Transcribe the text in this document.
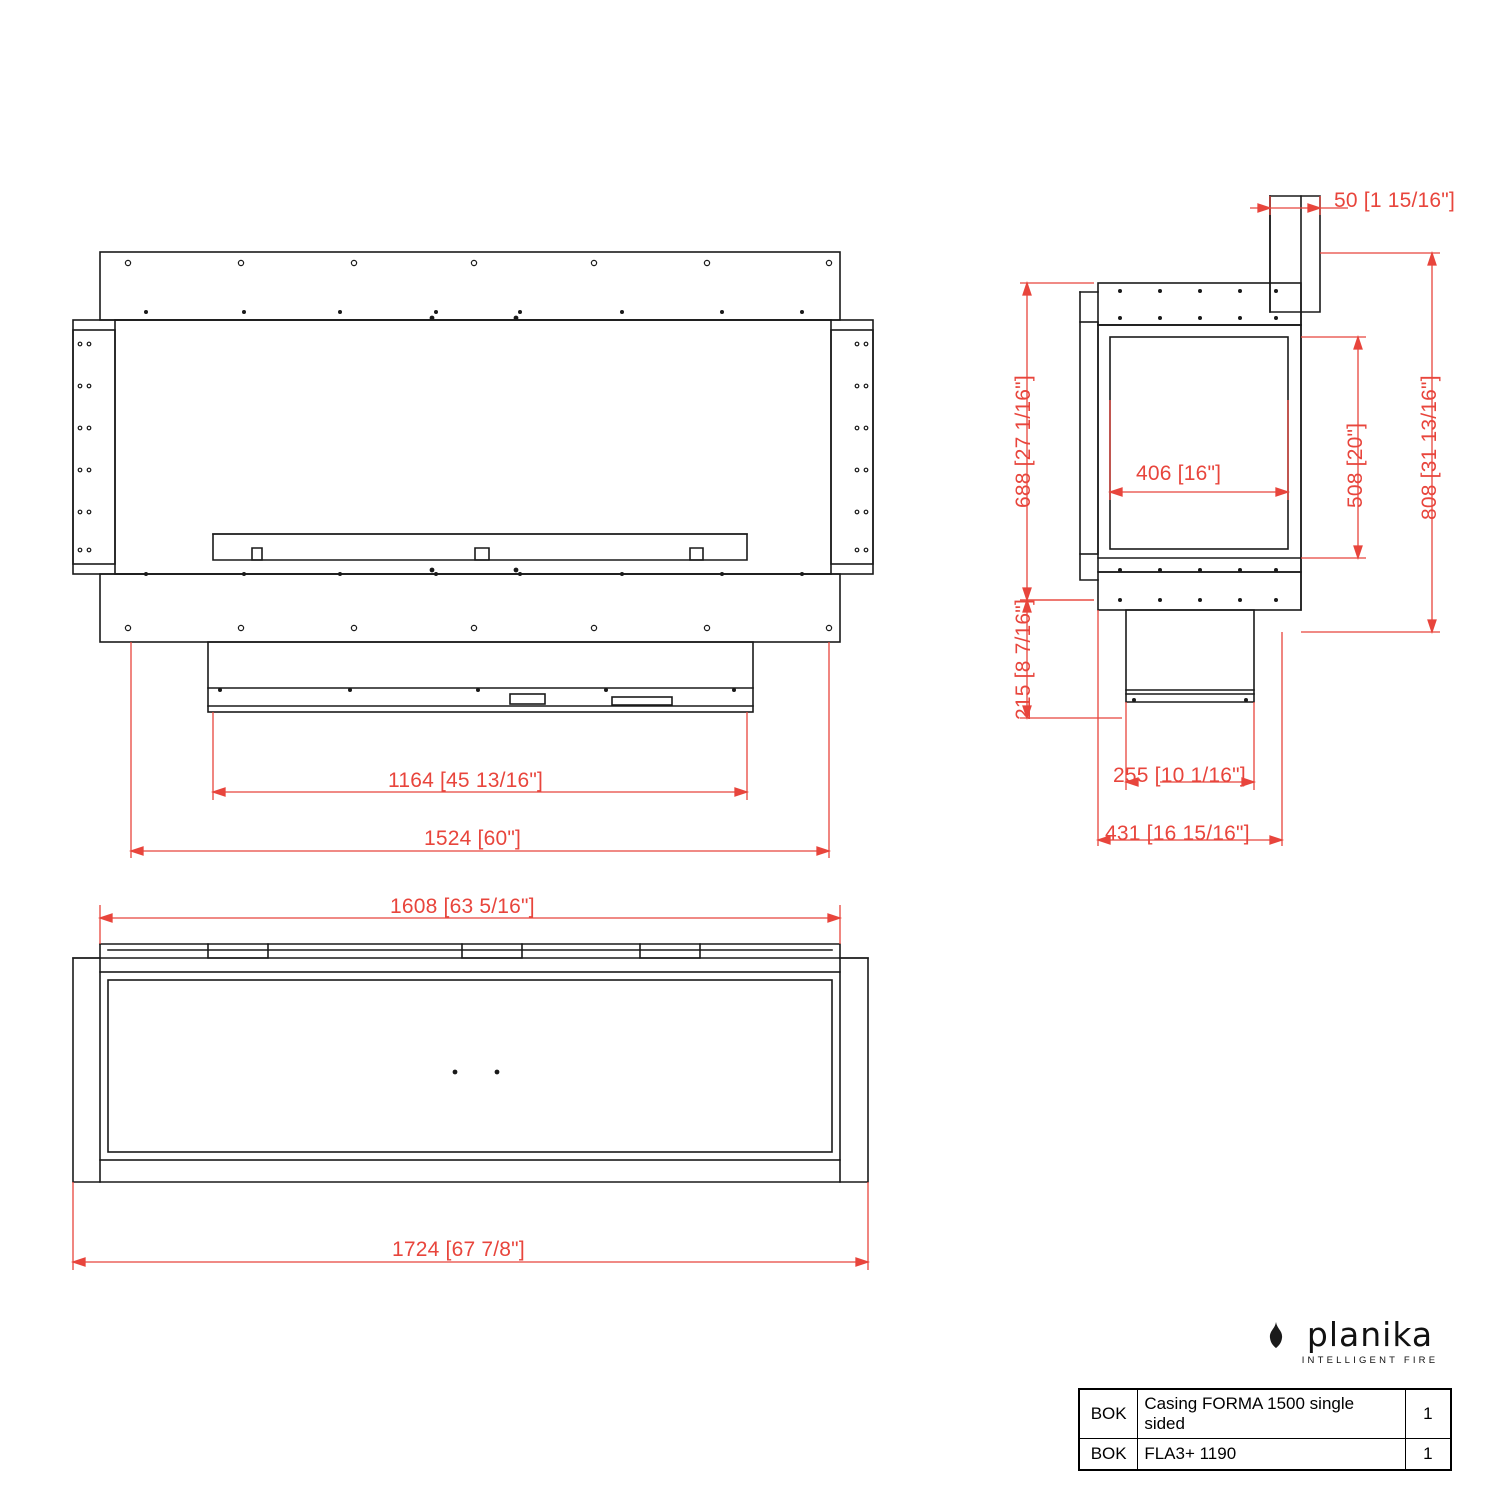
1164 [45 13/16"]
1524 [60"]
1608 [63 5/16"]
1724 [67 7/8"]
50 [1 15/16"]
688 [27 1/16"]	406 [16"]	508 [20"] 808 [31 13/16"]
215 [8 7/16"]
255 [10 1/16"]
431 [16 15/16"]
planika
INTELLIGENT FIRE
BOK	Casing FORMA 1500 single sided	1
BOK	FLA3+ 1190	1
